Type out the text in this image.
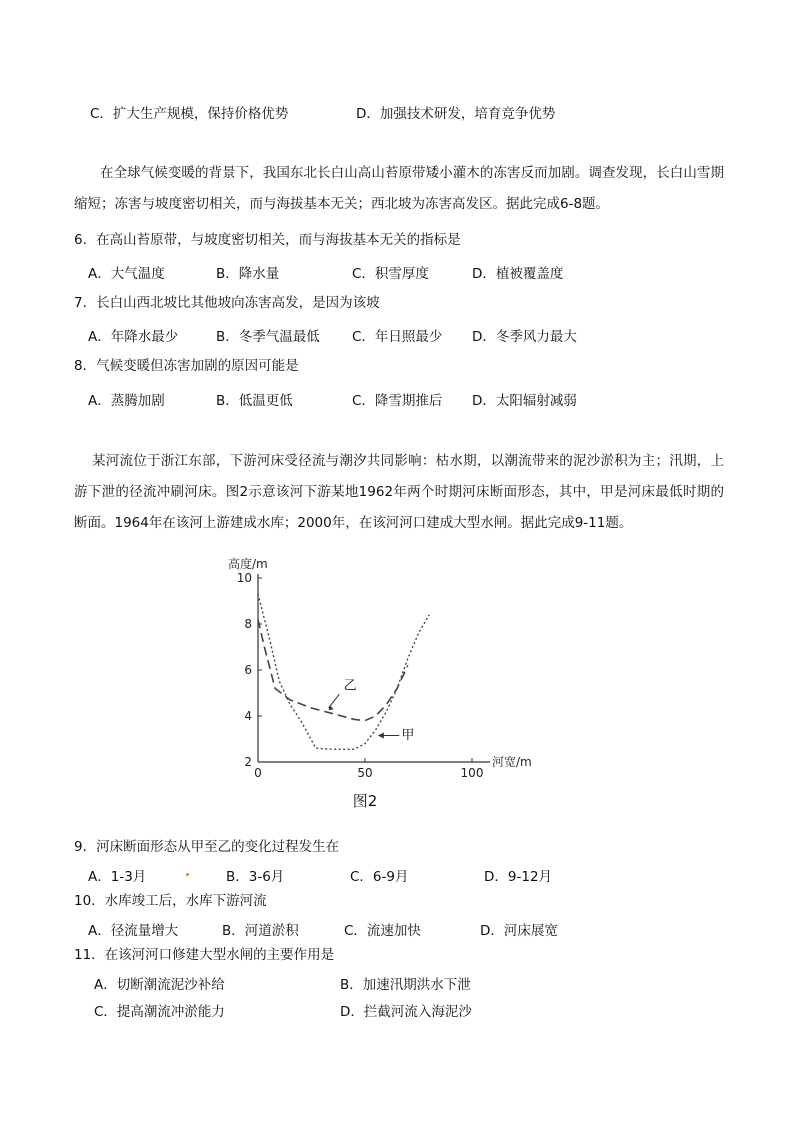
C．扩大生产规模，保持价格优势	D．加强技术研发，培育竞争优势
在全球气候变暖的背景下，我国东北长白山高山苔原带矮小灌木的冻害反而加剧。调查发现，长白山雪期缩短；冻害与坡度密切相关，而与海拔基本无关；西北坡为冻害高发区。据此完成6-8题。
6．在高山苔原带，与坡度密切相关，而与海拔基本无关的指标是
A．大气温度	B．降水量	C．积雪厚度	D．植被覆盖度
7．长白山西北坡比其他坡向冻害高发，是因为该坡
A．年降水最少	B．冬季气温最低 C．年日照最少 D．冬季风力最大
8．气候变暖但冻害加剧的原因可能是
A．蒸腾加剧	B．低温更低	C．降雪期推后 D．太阳辐射减弱
某河流位于浙江东部，下游河床受径流与潮汐共同影响：枯水期，以潮流带来的泥沙淤积为主；汛期，上游下泄的径流冲刷河床。图2示意该河下游某地1962年两个时期河床断面形态，其中，甲是河床最低时期的断面。1964年在该河上游建成水库；2000年，在该河河口建成大型水闸。据此完成9-11题。
2
4
6
8
10
0	50	100
高度/m
河宽/m
乙
甲
图2
9．河床断面形态从甲至乙的变化过程发生在
A．1-3月	B．3-6月	C．6-9月	D．9-12月
10．水库竣工后，水库下游河流
A．径流量增大	B．河道淤积	C．流速加快	D．河床展宽
11．在该河河口修建大型水闸的主要作用是
A．切断潮流泥沙补给	B．加速汛期洪水下泄
C．提高潮流冲淤能力	D．拦截河流入海泥沙
